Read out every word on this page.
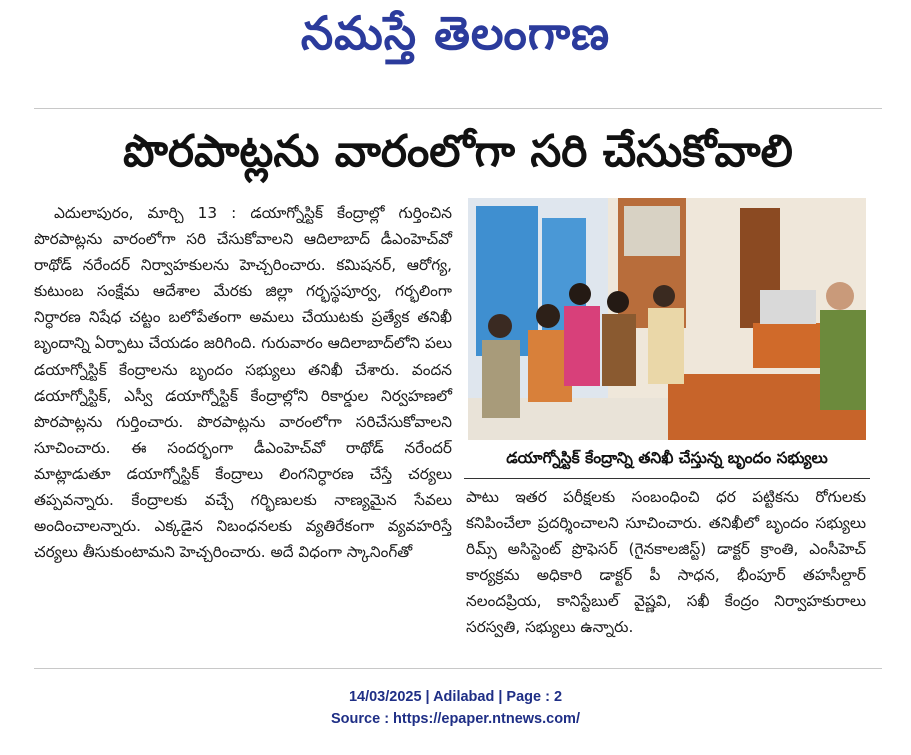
నమస్తే తెలంగాణ
పొరపాట్లను వారంలోగా సరి చేసుకోవాలి

ఎదులాపురం, మార్చి 13 : డయాగ్నోస్టిక్ కేంద్రాల్లో గుర్తించిన పొరపాట్లను వారంలోగా సరి చేసుకోవాలని ఆదిలాబాద్ డీఎంహెచ్‌వో రాథోడ్ నరేందర్ నిర్వాహకులను హెచ్చరించారు. కమిషనర్, ఆరోగ్య, కుటుంబ సంక్షేమ ఆదేశాల మేరకు జిల్లా గర్భస్థపూర్వ, గర్భలింగా నిర్ధారణ నిషేధ చట్టం బలోపేతంగా అమలు చేయుటకు ప్రత్యేక తనిఖీ బృందాన్ని ఏర్పాటు చేయడం జరిగింది. గురువారం ఆదిలాబాద్‌లోని పలు డయాగ్నోస్టిక్ కేంద్రాలను బృందం సభ్యులు తనిఖీ చేశారు. వందన డయాగ్నోస్టిక్, ఎస్వీ డయాగ్నోస్టిక్ కేంద్రాల్లోని రికార్డుల నిర్వహణలో పొరపాట్లను గుర్తించారు. పొరపాట్లను వారంలోగా సరిచేసుకోవాలని సూచించారు. ఈ సందర్భంగా డీఎంహెచ్‌వో రాథోడ్ నరేందర్ మాట్లాడుతూ డయాగ్నోస్టిక్ కేంద్రాలు లింగనిర్ధారణ చేస్తే చర్యలు తప్పవన్నారు. కేంద్రాలకు వచ్చే గర్భిణులకు నాణ్యమైన సేవలు అందించాలన్నారు. ఎక్కడైన నిబంధనలకు వ్యతిరేకంగా వ్యవహరిస్తే చర్యలు తీసుకుంటామని హెచ్చరించారు. అదే విధంగా స్కానింగ్‌తో

డయాగ్నోస్టిక్ కేంద్రాన్ని తనిఖీ చేస్తున్న బృందం సభ్యులు

పాటు ఇతర పరీక్షలకు సంబంధించి ధర పట్టికను రోగులకు కనిపించేలా ప్రదర్శించాలని సూచించారు. తనిఖీలో బృందం సభ్యులు రిమ్స్ అసిస్టెంట్ ప్రొఫెసర్ (గైనకాలజిస్ట్) డాక్టర్ క్రాంతి, ఎంసీహెచ్ కార్యక్రమ అధికారి డాక్టర్ పీ సాధన, భీంపూర్ తహసీల్దార్ నలందప్రియ, కానిస్టేబుల్ వైష్ణవి, సఖీ కేంద్రం నిర్వాహకురాలు సరస్వతి, సభ్యులు ఉన్నారు.

14/03/2025 | Adilabad | Page : 2
Source : https://epaper.ntnews.com/
